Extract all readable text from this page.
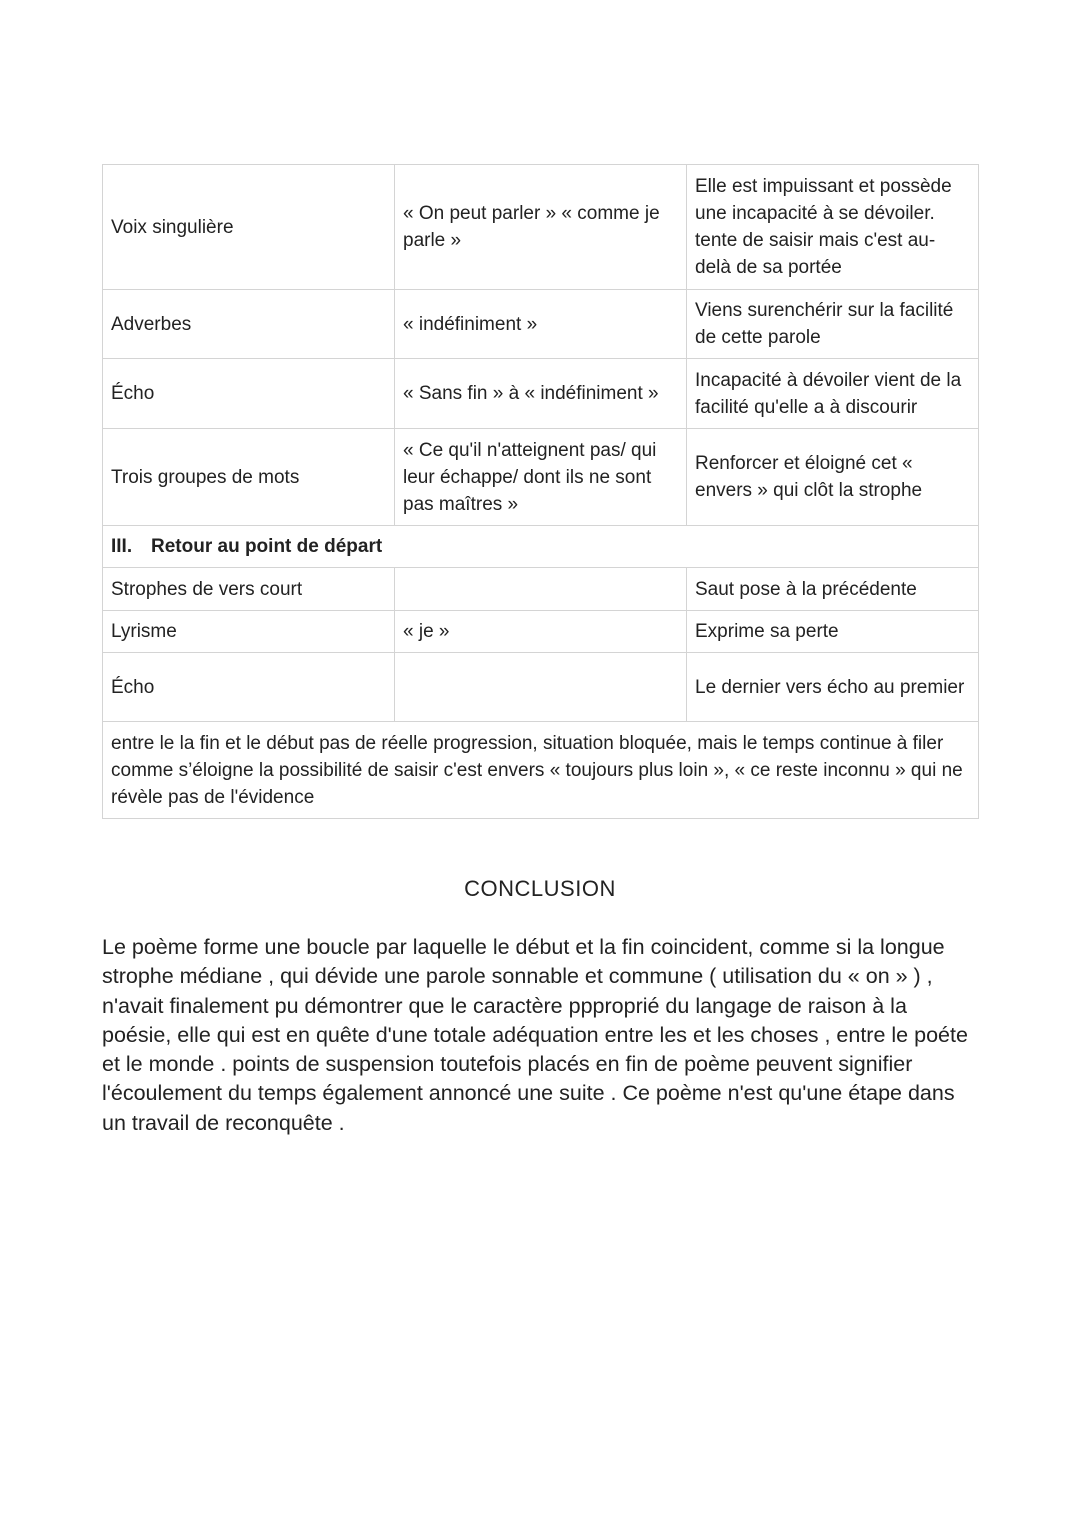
Voix singulière	« On peut parler » « comme je parle »	Elle est impuissant et possède une incapacité à se dévoiler. tente de saisir mais c'est au-delà de sa portée
Adverbes	« indéfiniment »	Viens surenchérir sur la facilité de cette parole
Écho	« Sans fin » à « indéfiniment »	Incapacité à dévoiler vient de la facilité qu'elle a à discourir
Trois groupes de mots	« Ce qu'il n'atteignent pas/ qui leur échappe/ dont ils ne sont pas maîtres »	Renforcer et éloigné cet « envers » qui clôt la strophe
III. Retour au point de départ		
Strophes de vers court		Saut pose à la précédente
Lyrisme	« je »	Exprime sa perte
Écho		Le dernier vers écho au premier
entre le la fin et le début pas de réelle progression, situation bloquée, mais le temps continue à filer comme s’éloigne la possibilité de saisir c'est envers « toujours plus loin », « ce reste inconnu » qui ne révèle pas de l'évidence		
CONCLUSION

Le poème forme une boucle par laquelle le début et la fin coincident, comme si la longue strophe médiane , qui dévide une parole sonnable et commune ( utilisation du « on » ) , n'avait finalement pu démontrer que le caractère ppproprié du langage de raison à la poésie, elle qui est en quête d'une totale adéquation entre les et les choses , entre le poéte et le monde . points de suspension toutefois placés en fin de poème peuvent signifier l'écoulement du temps également annoncé une suite . Ce poème n'est qu'une étape dans un travail de reconquête .
